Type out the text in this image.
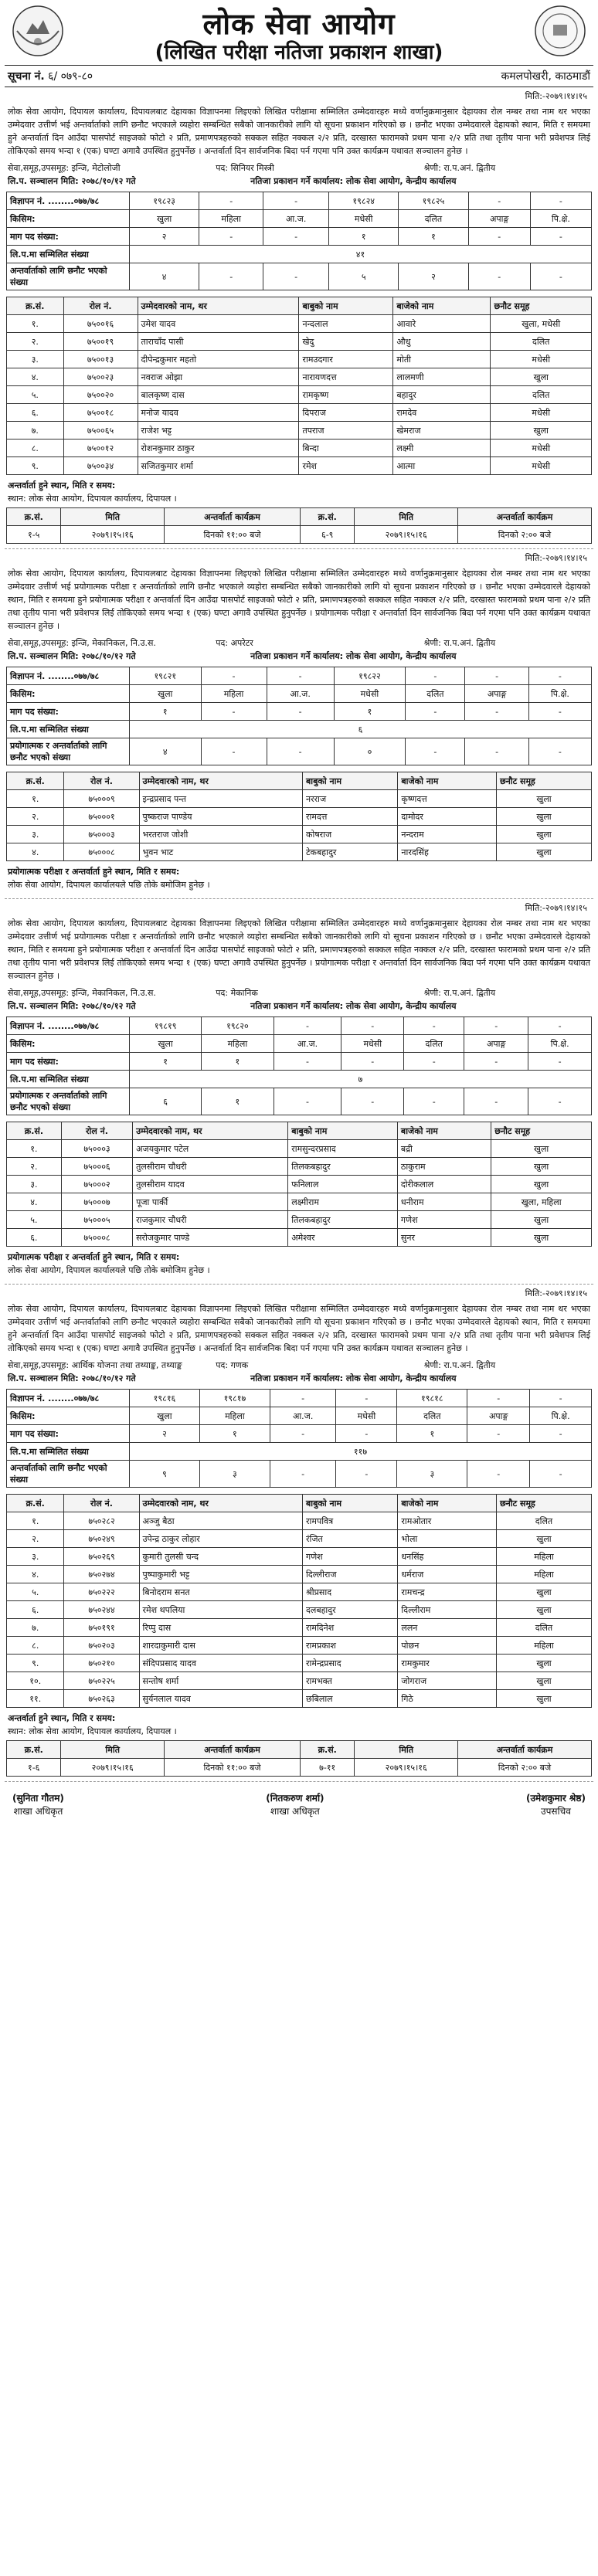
लोक सेवा आयोग
(लिखित परीक्षा नतिजा प्रकाशन शाखा)
सूचना नं. ६/ ०७९-८०	कमलपोखरी, काठमाडौं
मिति:-२०७९।१४।१५
लोक सेवा आयोग, दिपायल कार्यालय, दिपायलबाट देहायका विज्ञापनमा लिइएको लिखित परीक्षामा सम्मिलित उम्मेदवारहरु मध्ये वर्णानुक्रमानुसार देहायका रोल नम्बर तथा नाम थर भएका उम्मेदवार उत्तीर्ण भई अन्तर्वार्ताको लागि छनौट भएकाले व्यहोरा सम्बन्धित सबैको जानकारीको लागि यो सूचना प्रकाशन गरिएको छ । छनौट भएका उम्मेदवारले देहायको स्थान, मिति र समयमा हुने अन्तर्वार्ता दिन आउँदा पासपोर्ट साइजको फोटो २ प्रति, प्रमाणपत्रहरुको सक्कल सहित नक्कल २/२ प्रति, दरखास्त फारामको प्रथम पाना २/२ प्रति तथा तृतीय पाना भरी प्रवेशपत्र लिई तोकिएको समय भन्दा १ (एक) घण्टा अगावै उपस्थित हुनुपर्नेछ । अन्तर्वार्ता दिन सार्वजनिक बिदा पर्न गएमा पनि उक्त कार्यक्रम यथावत सञ्चालन हुनेछ ।
सेवा,समूह,उपसमूह: इन्जि, मेटोलोजी	पद: सिनियर मिस्त्री	श्रेणी: रा.प.अनं. द्वितीय
लि.प. सञ्चालन मिति: २०७८/१०/१२ गते	नतिजा प्रकाशन गर्ने कार्यालय: लोक सेवा आयोग, केन्द्रीय कार्यालय
विज्ञापन नं. ........०७७/७८	१९८२३	-	-	१९८२४	१९८२५	-	-
किसिम:	खुला	महिला	आ.ज.	मधेसी	दलित	अपाङ्ग	पि.क्षे.
माग पद संख्या:	२	-	-	१	१	-	-
लि.प.मा सम्मिलित संख्या	४१						
अन्तर्वार्ताको लागि छनौट भएको संख्या	४	-	-	५	२	-	-
क्र.सं.	रोल नं.	उम्मेदवारको नाम, थर	बाबुको नाम	बाजेको नाम	छनौट समूह
१.	७५००१६	उमेश यादव	नन्दलाल	आवारे	खुला, मधेसी
२.	७५००१९	ताराचाँद पासी	खेदु	औधु	दलित
३.	७५००१३	दीपेन्द्रकुमार महतो	रामउदगार	मोती	मधेसी
४.	७५००२३	नवराज ओझा	नारायणदत्त	लालमणी	खुला
५.	७५००२०	बालकृष्ण दास	रामकृष्ण	बहादुर	दलित
६.	७५००१८	मनोज यादव	दिपराज	रामदेव	मधेसी
७.	७५००६५	राजेश भट्ट	तपराज	खेमराज	खुला
८.	७५००१२	रोशनकुमार ठाकुर	बिन्दा	लक्ष्मी	मधेसी
९.	७५००३४	सजितकुमार शर्मा	रमेश	आत्मा	मधेसी
अन्तर्वार्ता हुने स्थान, मिति र समय:
स्थान: लोक सेवा आयोग, दिपायल कार्यालय, दिपायल ।
क्र.सं.	मिति	अन्तर्वार्ता कार्यक्रम	क्र.सं.	मिति	अन्तर्वार्ता कार्यक्रम
१-५	२०७९।१५।१६	दिनको ११:०० बजे	६-९	२०७९।१५।१६	दिनको २:०० बजे
मिति:-२०७९।१४।१५
लोक सेवा आयोग, दिपायल कार्यालय, दिपायलबाट देहायका विज्ञापनमा लिइएको लिखित परीक्षामा सम्मिलित उम्मेदवारहरु मध्ये वर्णानुक्रमानुसार देहायका रोल नम्बर तथा नाम थर भएका उम्मेदवार उत्तीर्ण भई प्रयोगात्मक परीक्षा र अन्तर्वार्ताको लागि छनौट भएकाले व्यहोरा सम्बन्धित सबैको जानकारीको लागि यो सूचना प्रकाशन गरिएको छ । छनौट भएका उम्मेदवारले देहायको स्थान, मिति र समयमा हुने प्रयोगात्मक परीक्षा र अन्तर्वार्ता दिन आउँदा पासपोर्ट साइजको फोटो २ प्रति, प्रमाणपत्रहरुको सक्कल सहित नक्कल २/२ प्रति, दरखास्त फारामको प्रथम पाना २/२ प्रति तथा तृतीय पाना भरी प्रवेशपत्र लिई तोकिएको समय भन्दा १ (एक) घण्टा अगावै उपस्थित हुनुपर्नेछ । प्रयोगात्मक परीक्षा र अन्तर्वार्ता दिन सार्वजनिक बिदा पर्न गएमा पनि उक्त कार्यक्रम यथावत सञ्चालन हुनेछ ।
सेवा,समूह,उपसमूह: इन्जि, मेकानिकल, नि.उ.स.	पद: अपरेटर	श्रेणी: रा.प.अनं. द्वितीय
लि.प. सञ्चालन मिति: २०७८/१०/१२ गते	नतिजा प्रकाशन गर्ने कार्यालय: लोक सेवा आयोग, केन्द्रीय कार्यालय
विज्ञापन नं. ........०७७/७८	१९८२१	-	-	१९८२२	-	-	-
किसिम:	खुला	महिला	आ.ज.	मधेसी	दलित	अपाङ्ग	पि.क्षे.
माग पद संख्या:	१	-	-	१	-	-	-
लि.प.मा सम्मिलित संख्या	६						
प्रयोगात्मक र अन्तर्वार्ताको लागि छनौट भएको संख्या	४	-	-	०	-	-	-
क्र.सं.	रोल नं.	उम्मेदवारको नाम, थर	बाबुको नाम	बाजेको नाम	छनौट समूह
१.	७५०००९	इन्द्रप्रसाद पन्त	नरराज	कृष्णदत्त	खुला
२.	७५०००१	पुष्कराज पाण्डेय	रामदत्त	दामोदर	खुला
३.	७५०००३	भरतराज जोशी	कोषराज	नन्दराम	खुला
४.	७५०००८	भुवन भाट	टेकबहादुर	नारदसिंह	खुला
प्रयोगात्मक परीक्षा र अन्तर्वार्ता हुने स्थान, मिति र समय:
लोक सेवा आयोग, दिपायल कार्यालयले पछि तोके बमोजिम हुनेछ ।
मिति:-२०७९।१४।१५
लोक सेवा आयोग, दिपायल कार्यालय, दिपायलबाट देहायका विज्ञापनमा लिइएको लिखित परीक्षामा सम्मिलित उम्मेदवारहरु मध्ये वर्णानुक्रमानुसार देहायका रोल नम्बर तथा नाम थर भएका उम्मेदवार उत्तीर्ण भई प्रयोगात्मक परीक्षा र अन्तर्वार्ताको लागि छनौट भएकाले व्यहोरा सम्बन्धित सबैको जानकारीको लागि यो सूचना प्रकाशन गरिएको छ । छनौट भएका उम्मेदवारले देहायको स्थान, मिति र समयमा हुने प्रयोगात्मक परीक्षा र अन्तर्वार्ता दिन आउँदा पासपोर्ट साइजको फोटो २ प्रति, प्रमाणपत्रहरुको सक्कल सहित नक्कल २/२ प्रति, दरखास्त फारामको प्रथम पाना २/२ प्रति तथा तृतीय पाना भरी प्रवेशपत्र लिई तोकिएको समय भन्दा १ (एक) घण्टा अगावै उपस्थित हुनुपर्नेछ । प्रयोगात्मक परीक्षा र अन्तर्वार्ता दिन सार्वजनिक बिदा पर्न गएमा पनि उक्त कार्यक्रम यथावत सञ्चालन हुनेछ ।
सेवा,समूह,उपसमूह: इन्जि, मेकानिकल, नि.उ.स.	पद: मेकानिक	श्रेणी: रा.प.अनं. द्वितीय
लि.प. सञ्चालन मिति: २०७८/१०/१२ गते	नतिजा प्रकाशन गर्ने कार्यालय: लोक सेवा आयोग, केन्द्रीय कार्यालय
विज्ञापन नं. ........०७७/७८	१९८१९	१९८२०	-	-	-	-	-
किसिम:	खुला	महिला	आ.ज.	मधेसी	दलित	अपाङ्ग	पि.क्षे.
माग पद संख्या:	१	१	-	-	-	-	-
लि.प.मा सम्मिलित संख्या	७						
प्रयोगात्मक र अन्तर्वार्ताको लागि छनौट भएको संख्या	६	१	-	-	-	-	-
क्र.सं.	रोल नं.	उम्मेदवारको नाम, थर	बाबुको नाम	बाजेको नाम	छनौट समूह
१.	७५०००३	अजयकुमार पटेल	रामसुन्दरप्रसाद	बद्री	खुला
२.	७५०००६	तुलसीराम चौधरी	तिलकबहादुर	ठाकुराम	खुला
३.	७५०००२	तुलसीराम यादव	फनिलाल	दोरीकलाल	खुला
४.	७५०००७	पूजा पार्की	लक्ष्मीराम	धनीराम	खुला, महिला
५.	७५०००५	राजकुमार चौधरी	तिलकबहादुर	गणेश	खुला
६.	७५०००८	सरोजकुमार पाण्डे	अमेश्वर	सुनर	खुला
प्रयोगात्मक परीक्षा र अन्तर्वार्ता हुने स्थान, मिति र समय:
लोक सेवा आयोग, दिपायल कार्यालयले पछि तोके बमोजिम हुनेछ ।
मिति:-२०७९।१४।१५
लोक सेवा आयोग, दिपायल कार्यालय, दिपायलबाट देहायका विज्ञापनमा लिइएको लिखित परीक्षामा सम्मिलित उम्मेदवारहरु मध्ये वर्णानुक्रमानुसार देहायका रोल नम्बर तथा नाम थर भएका उम्मेदवार उत्तीर्ण भई अन्तर्वार्ताको लागि छनौट भएकाले व्यहोरा सम्बन्धित सबैको जानकारीको लागि यो सूचना प्रकाशन गरिएको छ । छनौट भएका उम्मेदवारले देहायको स्थान, मिति र समयमा हुने अन्तर्वार्ता दिन आउँदा पासपोर्ट साइजको फोटो २ प्रति, प्रमाणपत्रहरुको सक्कल सहित नक्कल २/२ प्रति, दरखास्त फारामको प्रथम पाना २/२ प्रति तथा तृतीय पाना भरी प्रवेशपत्र लिई तोकिएको समय भन्दा १ (एक) घण्टा अगावै उपस्थित हुनुपर्नेछ । अन्तर्वार्ता दिन सार्वजनिक बिदा पर्न गएमा पनि उक्त कार्यक्रम यथावत सञ्चालन हुनेछ ।
सेवा,समूह,उपसमूह: आर्थिक योजना तथा तथ्याङ्क, तथ्याङ्क	पद: गणक	श्रेणी: रा.प.अनं. द्वितीय
लि.प. सञ्चालन मिति: २०७८/१०/१२ गते	नतिजा प्रकाशन गर्ने कार्यालय: लोक सेवा आयोग, केन्द्रीय कार्यालय
विज्ञापन नं. ........०७७/७८	१९८१६	१९८१७	-	-	१९८१८	-	-
किसिम:	खुला	महिला	आ.ज.	मधेसी	दलित	अपाङ्ग	पि.क्षे.
माग पद संख्या:	२	१	-	-	१	-	-
लि.प.मा सम्मिलित संख्या	११७						
अन्तर्वार्ताको लागि छनौट भएको संख्या	९	३	-	-	३	-	-
क्र.सं.	रोल नं.	उम्मेदवारको नाम, थर	बाबुको नाम	बाजेको नाम	छनौट समूह
१.	७५०२८२	अञ्जु बैठा	रामपवित्र	रामओतार	दलित
२.	७५०२४९	उपेन्द्र ठाकुर लोहार	रंजित	भोला	खुला
३.	७५०२६९	कुमारी तुलसी चन्द	गणेश	धनसिंह	महिला
४.	७५०२७४	पुष्पाकुमारी भट्ट	दिल्लीराज	धर्मराज	महिला
५.	७५०२२२	बिनोदराम सनत	श्रीप्रसाद	रामचन्द्र	खुला
६.	७५०२४४	रमेश थपलिया	दलबहादुर	दिल्लीराम	खुला
७.	७५०१९१	रिप्पु दास	रामदिनेश	ललन	दलित
८.	७५०२०३	शारदाकुमारी दास	रामप्रकाश	पोछन	महिला
९.	७५०२१०	संदिपप्रसाद यादव	रामेन्द्रप्रसाद	रामकुमार	खुला
१०.	७५०२२५	सन्तोष शर्मा	रामभक्त	जोगराज	खुला
११.	७५०२६३	सुर्यनलाल यादव	छबिलाल	गिठे	खुला
अन्तर्वार्ता हुने स्थान, मिति र समय:
स्थान: लोक सेवा आयोग, दिपायल कार्यालय, दिपायल ।
क्र.सं.	मिति	अन्तर्वार्ता कार्यक्रम	क्र.सं.	मिति	अन्तर्वार्ता कार्यक्रम
१-६	२०७९।१५।१६	दिनको ११:०० बजे	७-११	२०७९।१५।१६	दिनको २:०० बजे
(सुनिता गौतम)
शाखा अधिकृत
(नितकरुण शर्मा)
शाखा अधिकृत
(उमेशकुमार श्रेष्ठ)
उपसचिव
